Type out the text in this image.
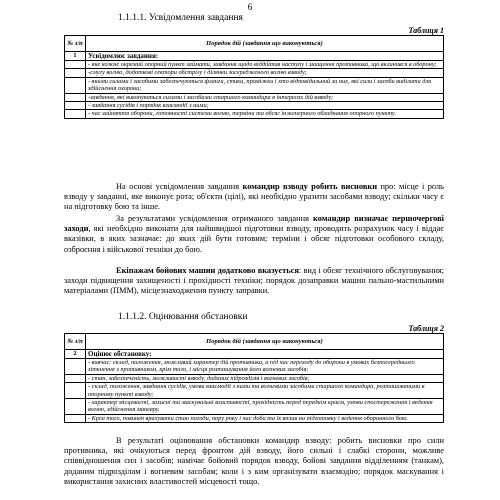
6
1.1.1.1. Усвідомлення завдання
Таблиця 1
№ з/п	Порядок дій (завдання що виконуються)
1	Усвідомлює завдання:
	- яке кожне окремий опорний пункт займати, завдання щодо віддійтив наступу і знищення противника, що вклинився в оборону;
	-смугу вогню, додаткові сектори обстрілу і ділянки зосередженого вогню взводу;
	- якими силами і засобами забезпечуються фланги, стики, проміжки і хто відповідальний за них, які сили і засоби виділити для здійснення охорони;
	-завдання, які виконуються силами і засобами старшого командира в інтересах дій взводу;
	- завдання сусідів і порядок взаємодії з ними;
	- час зайняття оборони, готовності системи вогню, терміни та обсяг інженерного обладнання опорного пункту.

На основі усвідомлення завдання командир взводу робить висновки про: місце і роль взводу у завданні, яке виконує рота; об'єкти (цілі), які необхідно уразити засобами взводу; скільки часу є на підготовку бою та інше.

За результатами усвідомлення отриманого завдання командир визначає першочергові заходи, які необхідно виконати для найшвидшої підготовки взводу, проводить розрахунок часу і віддає вказівки, в яких зазначає: до яких дій бути готовим; терміни і обсяг підготовки особового складу, озброєння і військової техніки до бою.

Екіпажам бойових машин додатково вказується: вид і обсяг технічного обслуговування; заходи підвищення захищеності і прохідності техніки; порядок дозаправки машин пально-мастильними матеріалами (ПММ), місцезнаходження пункту заправки.

1.1.1.2. Оцінювання обстановки
Таблиця 2
№ з/п	Порядок дій (завдання що виконуються)
2	Оцінює обстановку:
	- вивчає: склад, положення, можливий характер дій противника, а під час переходу до оборони в умовах безпосереднього зіткнення з противником, крім того, і місця розташування його вогневих засобів;
	- стан, забезпеченість, можливості взводу, доданих підрозділів і вогневих засобів;
	- склад, положення, завдання сусідів, умови взаємодії з ними та вогневими засобами старшого командира, розташованими в опорному пункті взводу;
	- характер місцевості, захисні та маскувальні властивості, прохідність перед переднім краєм, умови спостереження і ведення вогню, здійснення маневру.
	- Крім того, повинен врахувати стан погоди, пору року і час доби та їх вплив на підготовку і ведення оборонного бою.

В результаті оцінювання обстановки командир взводу: робить висновки про сили противника, які очікуються перед фронтом дій взводу, його сильні і слабкі сторони, можливе співвідношення сил і засобів; намічає бойовий порядок взводу, бойові завдання відділенням (танкам), доданим підрозділам і вогневим засобам; коли і з ким організувати взаємодію; порядок маскування і використання захисних властивостей місцевості тощо.
